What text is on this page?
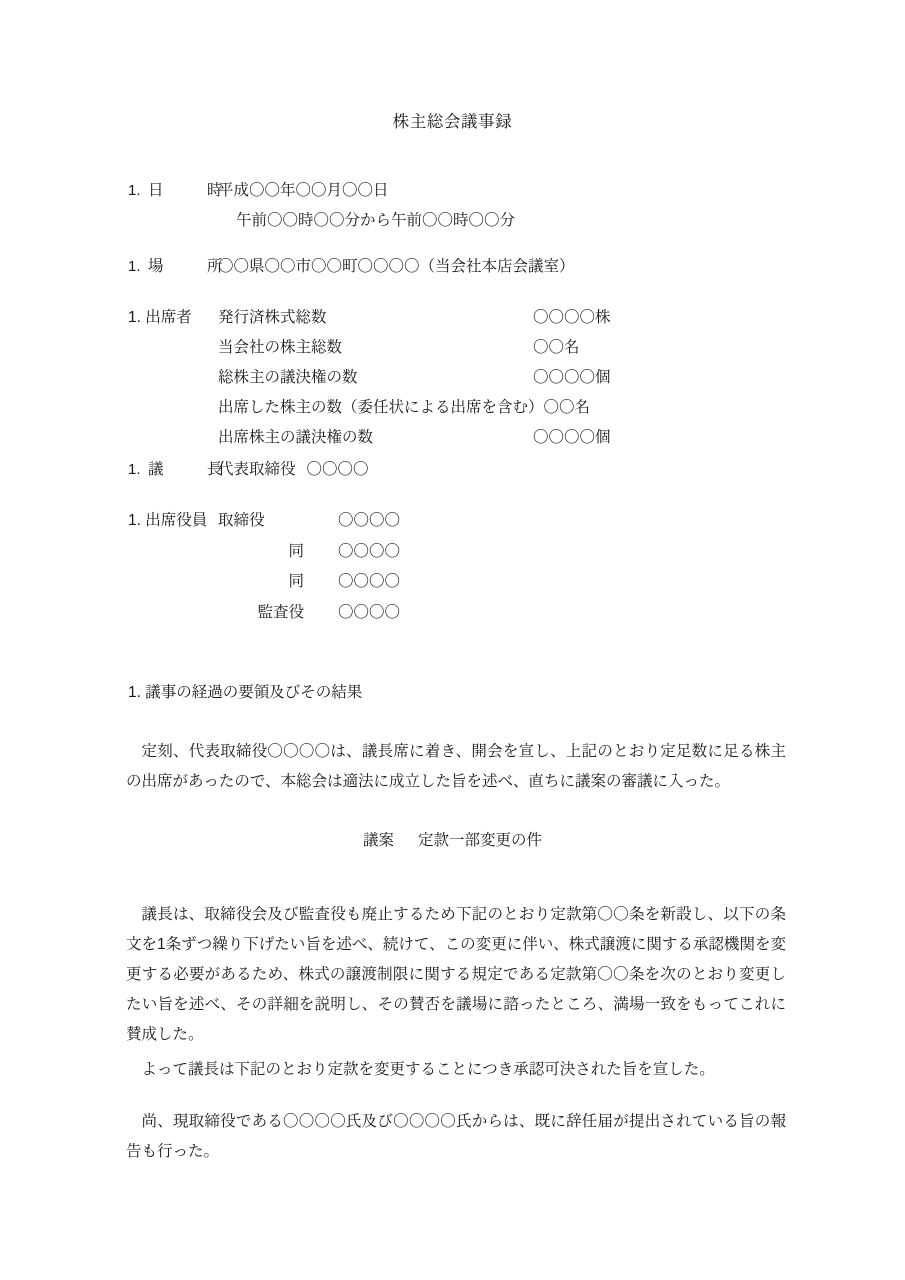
株主総会議事録
1. 日　時
平成〇〇年〇〇月〇〇日
午前〇〇時〇〇分から午前〇〇時〇〇分
1. 場　所
〇〇県〇〇市〇〇町〇〇〇〇（当会社本店会議室）
1. 出席者	発行済株式総数	〇〇〇〇株
当会社の株主総数	〇〇名
総株主の議決権の数	〇〇〇〇個
出席した株主の数（委任状による出席を含む） 〇〇名
出席株主の議決権の数	〇〇〇〇個
1. 議　長
代表取締役 〇〇〇〇
1. 出席役員 取締役	〇〇〇〇
同	〇〇〇〇
同	〇〇〇〇
監査役	〇〇〇〇
1. 議事の経過の要領及びその結果
定刻、代表取締役〇〇〇〇は、議長席に着き、開会を宣し、上記のとおり定足数に足る株主の出席があったので、本総会は適法に成立した旨を述べ、直ちに議案の審議に入った。
議案 定款一部変更の件
議長は、取締役会及び監査役も廃止するため下記のとおり定款第〇〇条を新設し、以下の条文を1条ずつ繰り下げたい旨を述べ、続けて、この変更に伴い、株式譲渡に関する承認機関を変更する必要があるため、株式の譲渡制限に関する規定である定款第〇〇条を次のとおり変更したい旨を述べ、その詳細を説明し、その賛否を議場に諮ったところ、満場一致をもってこれに賛成した。
よって議長は下記のとおり定款を変更することにつき承認可決された旨を宣した。
尚、現取締役である〇〇〇〇氏及び〇〇〇〇氏からは、既に辞任届が提出されている旨の報告も行った。
